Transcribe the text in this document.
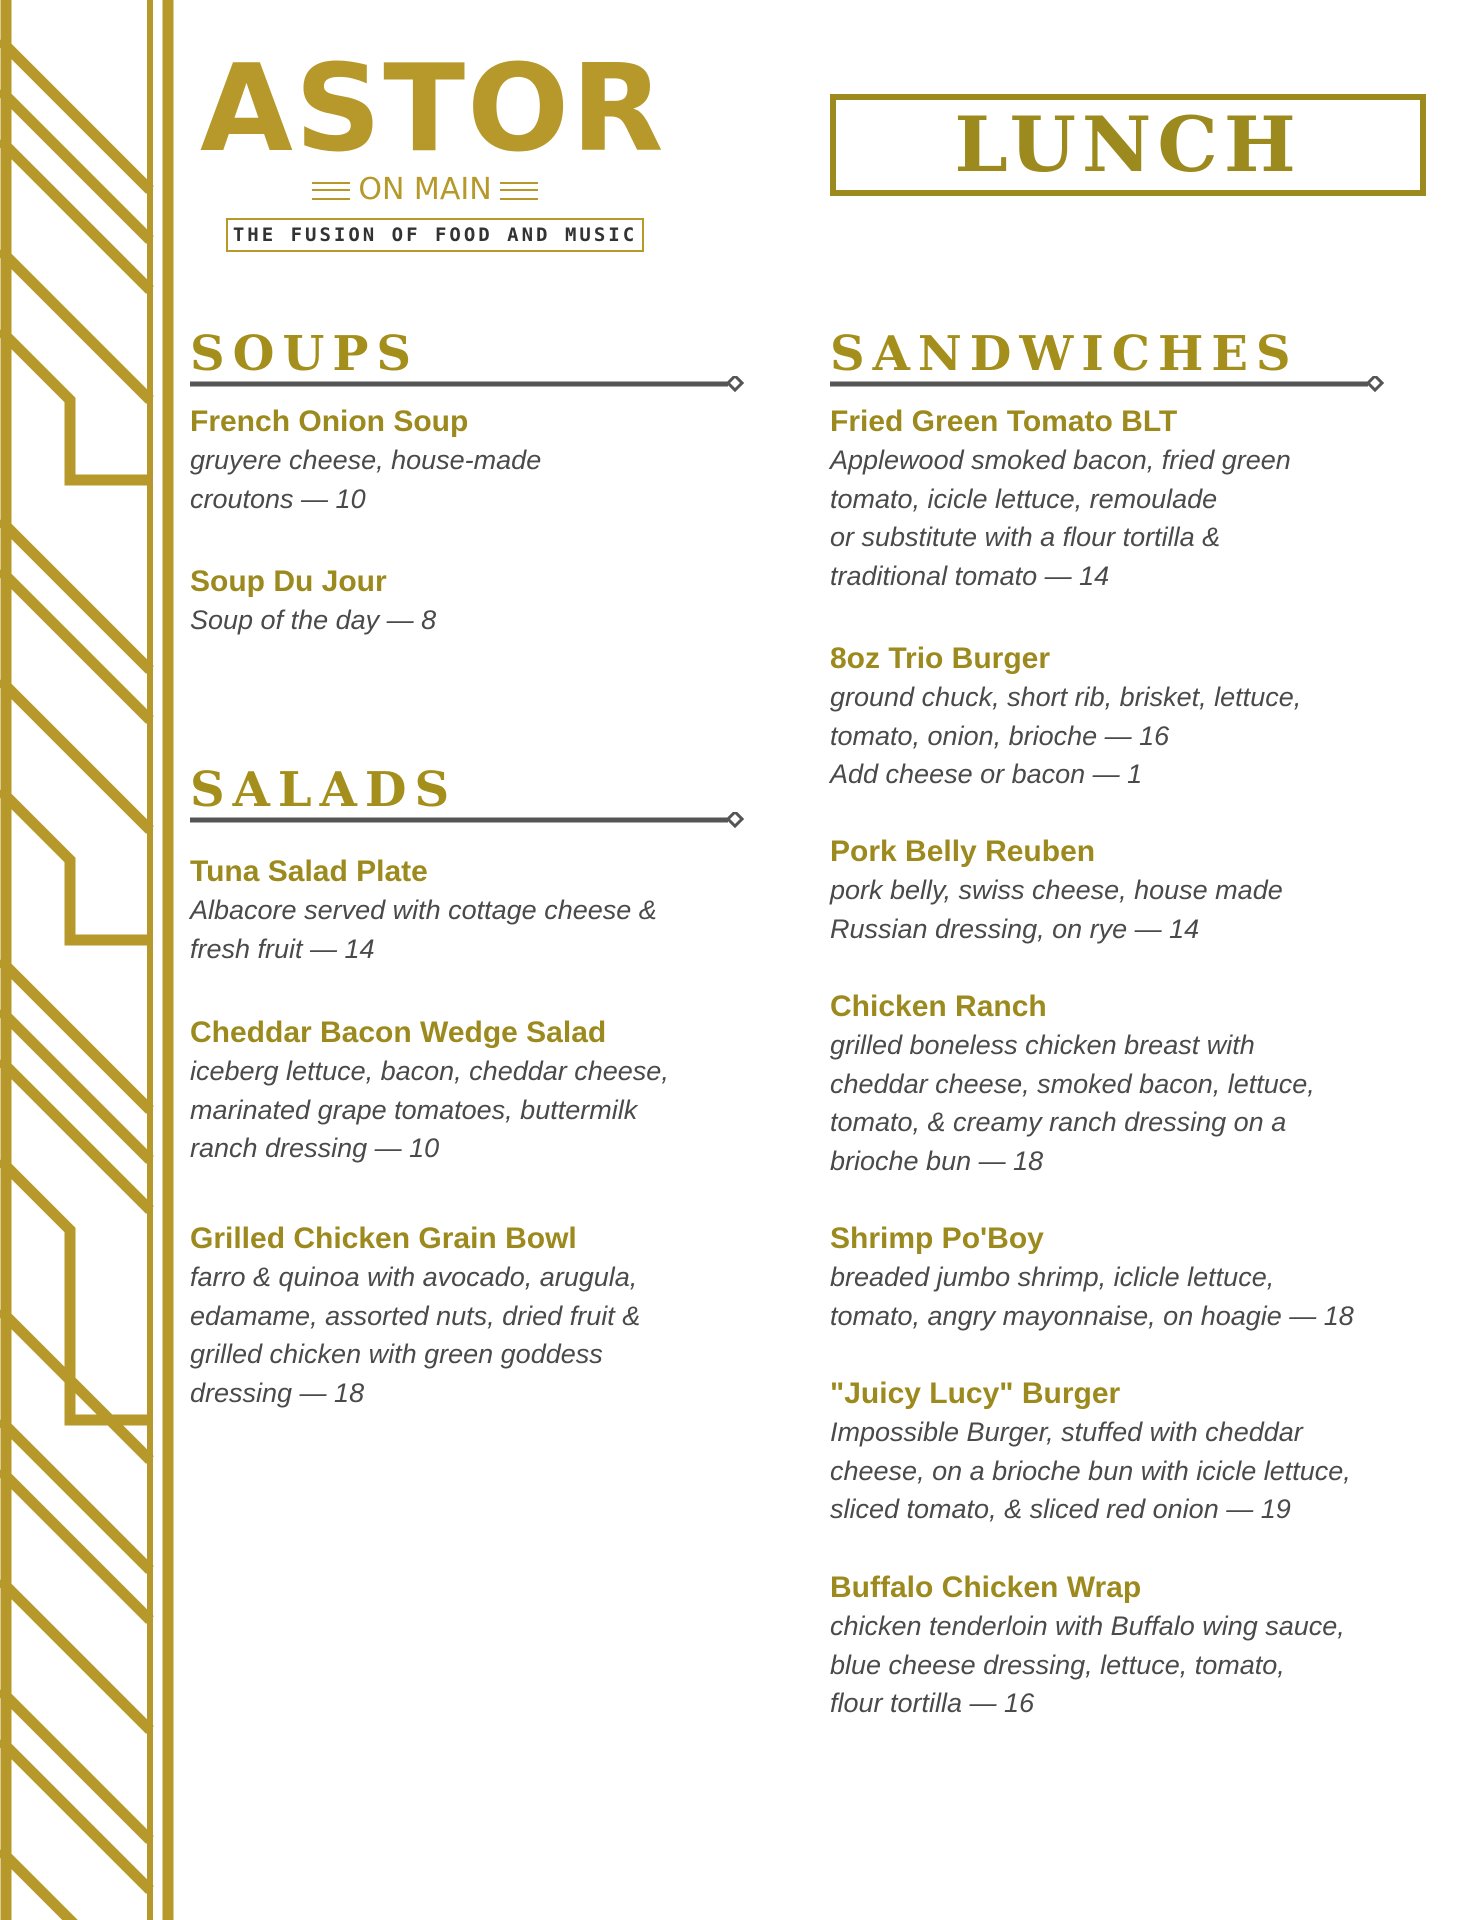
ASTOR
ON MAIN
THE FUSION OF FOOD AND MUSIC
LUNCH
SOUPS
French Onion Soup
gruyere cheese, house-made
croutons — 10
Soup Du Jour
Soup of the day — 8
SALADS
Tuna Salad Plate
Albacore served with cottage cheese &
fresh fruit — 14
Cheddar Bacon Wedge Salad
iceberg lettuce, bacon, cheddar cheese,
marinated grape tomatoes, buttermilk
ranch dressing — 10
Grilled Chicken Grain Bowl
farro & quinoa with avocado, arugula,
edamame, assorted nuts, dried fruit &
grilled chicken with green goddess
dressing — 18
SANDWICHES
Fried Green Tomato BLT
Applewood smoked bacon, fried green
tomato, icicle lettuce, remoulade
or substitute with a flour tortilla &
traditional tomato — 14
8oz Trio Burger
ground chuck, short rib, brisket, lettuce,
tomato, onion, brioche — 16
Add cheese or bacon — 1
Pork Belly Reuben
pork belly, swiss cheese, house made
Russian dressing, on rye — 14
Chicken Ranch
grilled boneless chicken breast with
cheddar cheese, smoked bacon, lettuce,
tomato, & creamy ranch dressing on a
brioche bun — 18
Shrimp Po'Boy
breaded jumbo shrimp, iclicle lettuce,
tomato, angry mayonnaise, on hoagie — 18
"Juicy Lucy" Burger
Impossible Burger, stuffed with cheddar
cheese, on a brioche bun with icicle lettuce,
sliced tomato, & sliced red onion — 19
Buffalo Chicken Wrap
chicken tenderloin with Buffalo wing sauce,
blue cheese dressing, lettuce, tomato,
flour tortilla — 16
